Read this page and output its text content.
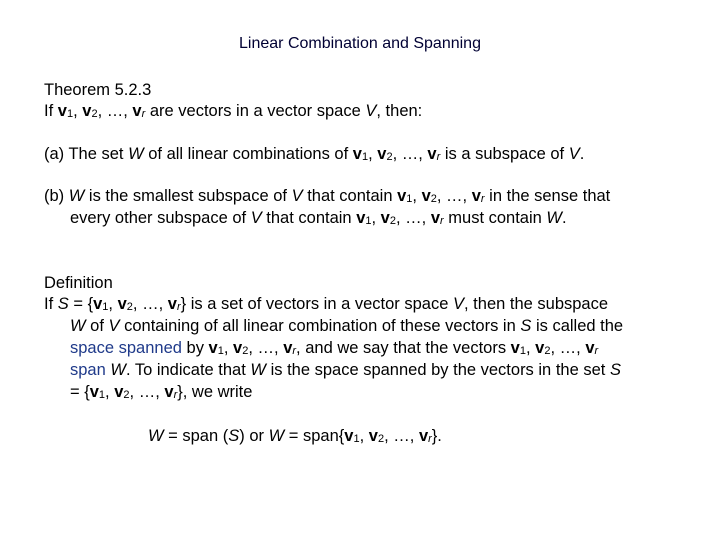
Linear Combination and Spanning
Theorem 5.2.3
If v1, v2, …, vr are vectors in a vector space V, then:
(a) The set W of all linear combinations of v1, v2, …, vr is a subspace of V.
(b) W is the smallest subspace of V that contain v1, v2, …, vr in the sense that
every other subspace of V that contain v1, v2, …, vr must contain W.
Definition
If S = {v1, v2, …, vr} is a set of vectors in a vector space V, then the subspace
W of V containing of all linear combination of these vectors in S is called the
space spanned by v1, v2, …, vr, and we say that the vectors v1, v2, …, vr
span W. To indicate that W is the space spanned by the vectors in the set S
= {v1, v2, …, vr}, we write
W = span (S) or W = span{v1, v2, …, vr}.
